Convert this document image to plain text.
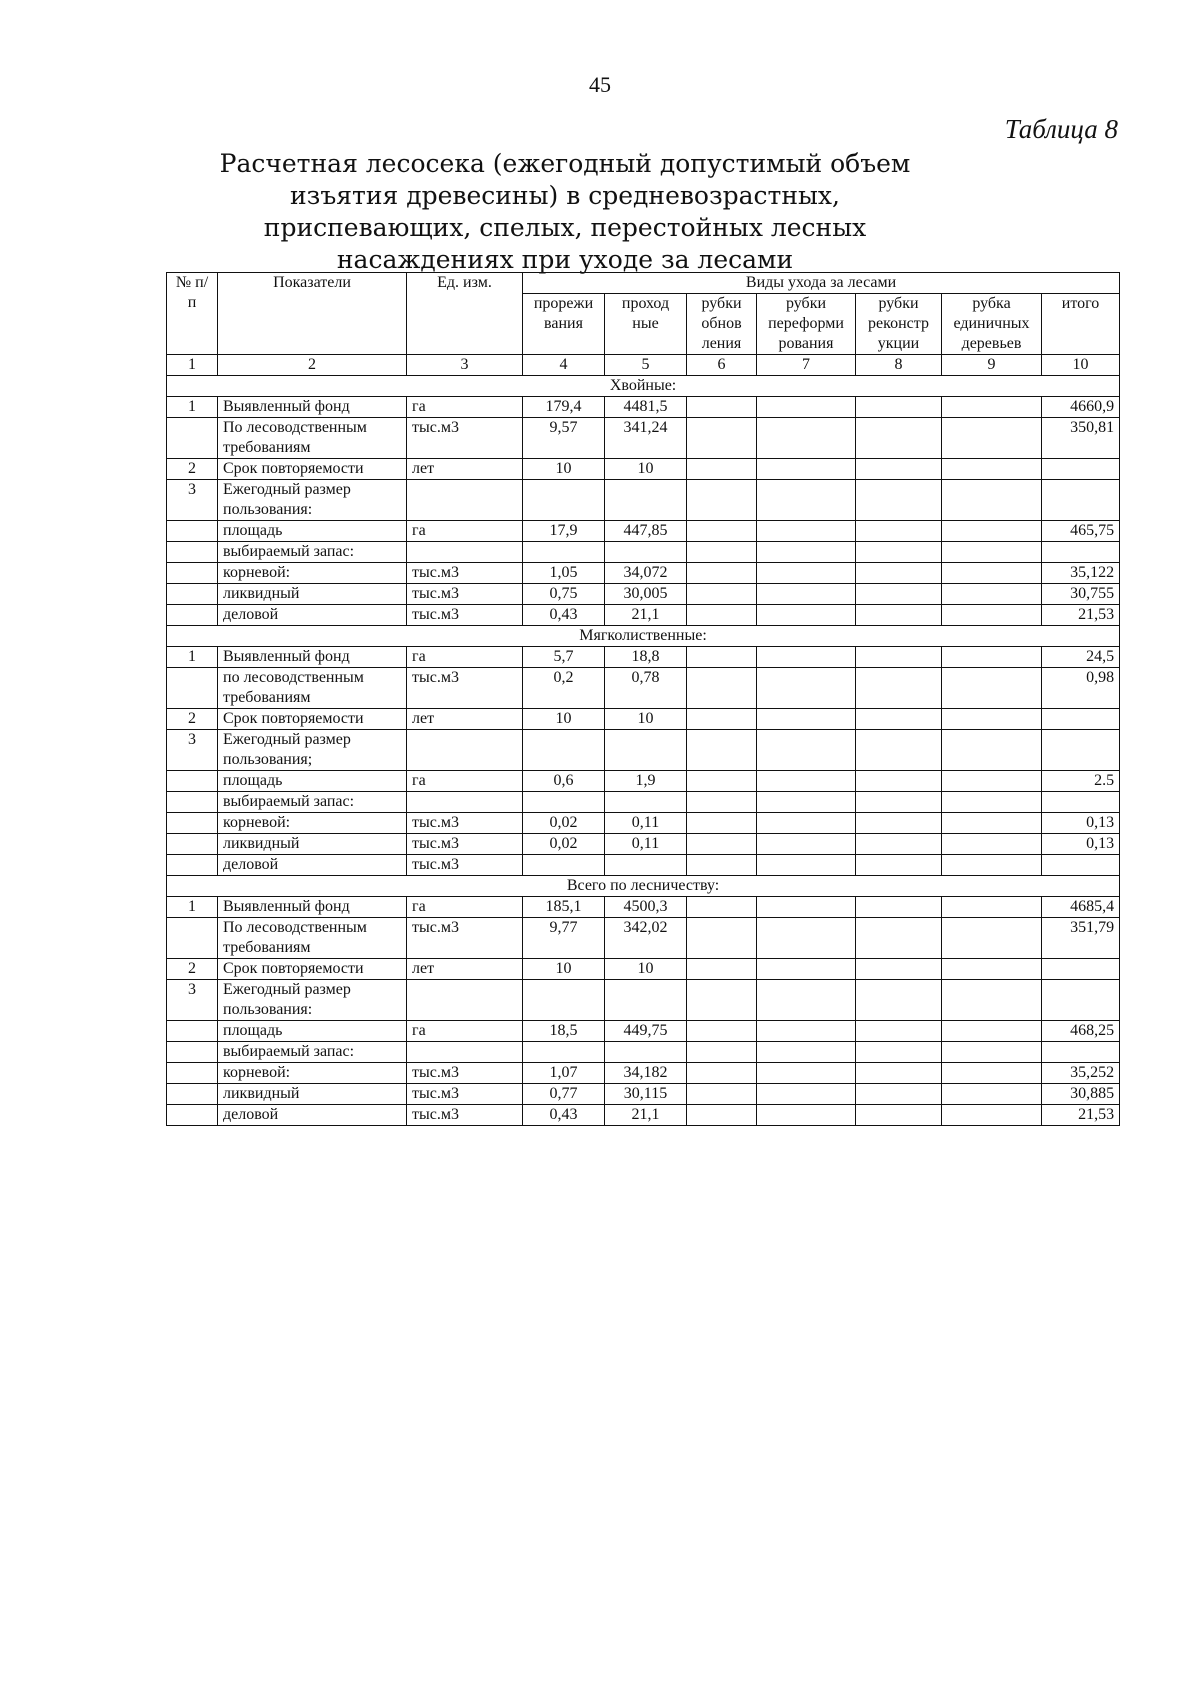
45
Таблица 8
Расчетная лесосека (ежегодный допустимый объем изъятия древесины) в средневозрастных, приспевающих, спелых, перестойных лесных насаждениях при уходе за лесами
№ п/п	Показатели	Ед. изм.	Виды ухода за лесами						
			прорежи вания	проход ные	рубки обнов ления	рубки переформи рования	рубки реконстр укции	рубка единичных деревьев	итого
1	2	3	4	5	6	7	8	9	10
Хвойные:									
1	Выявленный фонд	га	179,4	4481,5					4660,9
	По лесоводственным требованиям	тыс.м3	9,57	341,24					350,81
2	Срок повторяемости	лет	10	10					
3	Ежегодный размер пользования:								
	площадь	га	17,9	447,85					465,75
	выбираемый запас:								
	корневой:	тыс.м3	1,05	34,072					35,122
	ликвидный	тыс.м3	0,75	30,005					30,755
	деловой	тыс.м3	0,43	21,1					21,53
Мягколиственные:									
1	Выявленный фонд	га	5,7	18,8					24,5
	по лесоводственным требованиям	тыс.м3	0,2	0,78					0,98
2	Срок повторяемости	лет	10	10					
3	Ежегодный размер пользования;								
	площадь	га	0,6	1,9					2.5
	выбираемый запас:								
	корневой:	тыс.м3	0,02	0,11					0,13
	ликвидный	тыс.м3	0,02	0,11					0,13
	деловой	тыс.м3							
Всего по лесничеству:									
1	Выявленный фонд	га	185,1	4500,3					4685,4
	По лесоводственным требованиям	тыс.м3	9,77	342,02					351,79
2	Срок повторяемости	лет	10	10					
3	Ежегодный размер пользования:								
	площадь	га	18,5	449,75					468,25
	выбираемый запас:								
	корневой:	тыс.м3	1,07	34,182					35,252
	ликвидный	тыс.м3	0,77	30,115					30,885
	деловой	тыс.м3	0,43	21,1					21,53
